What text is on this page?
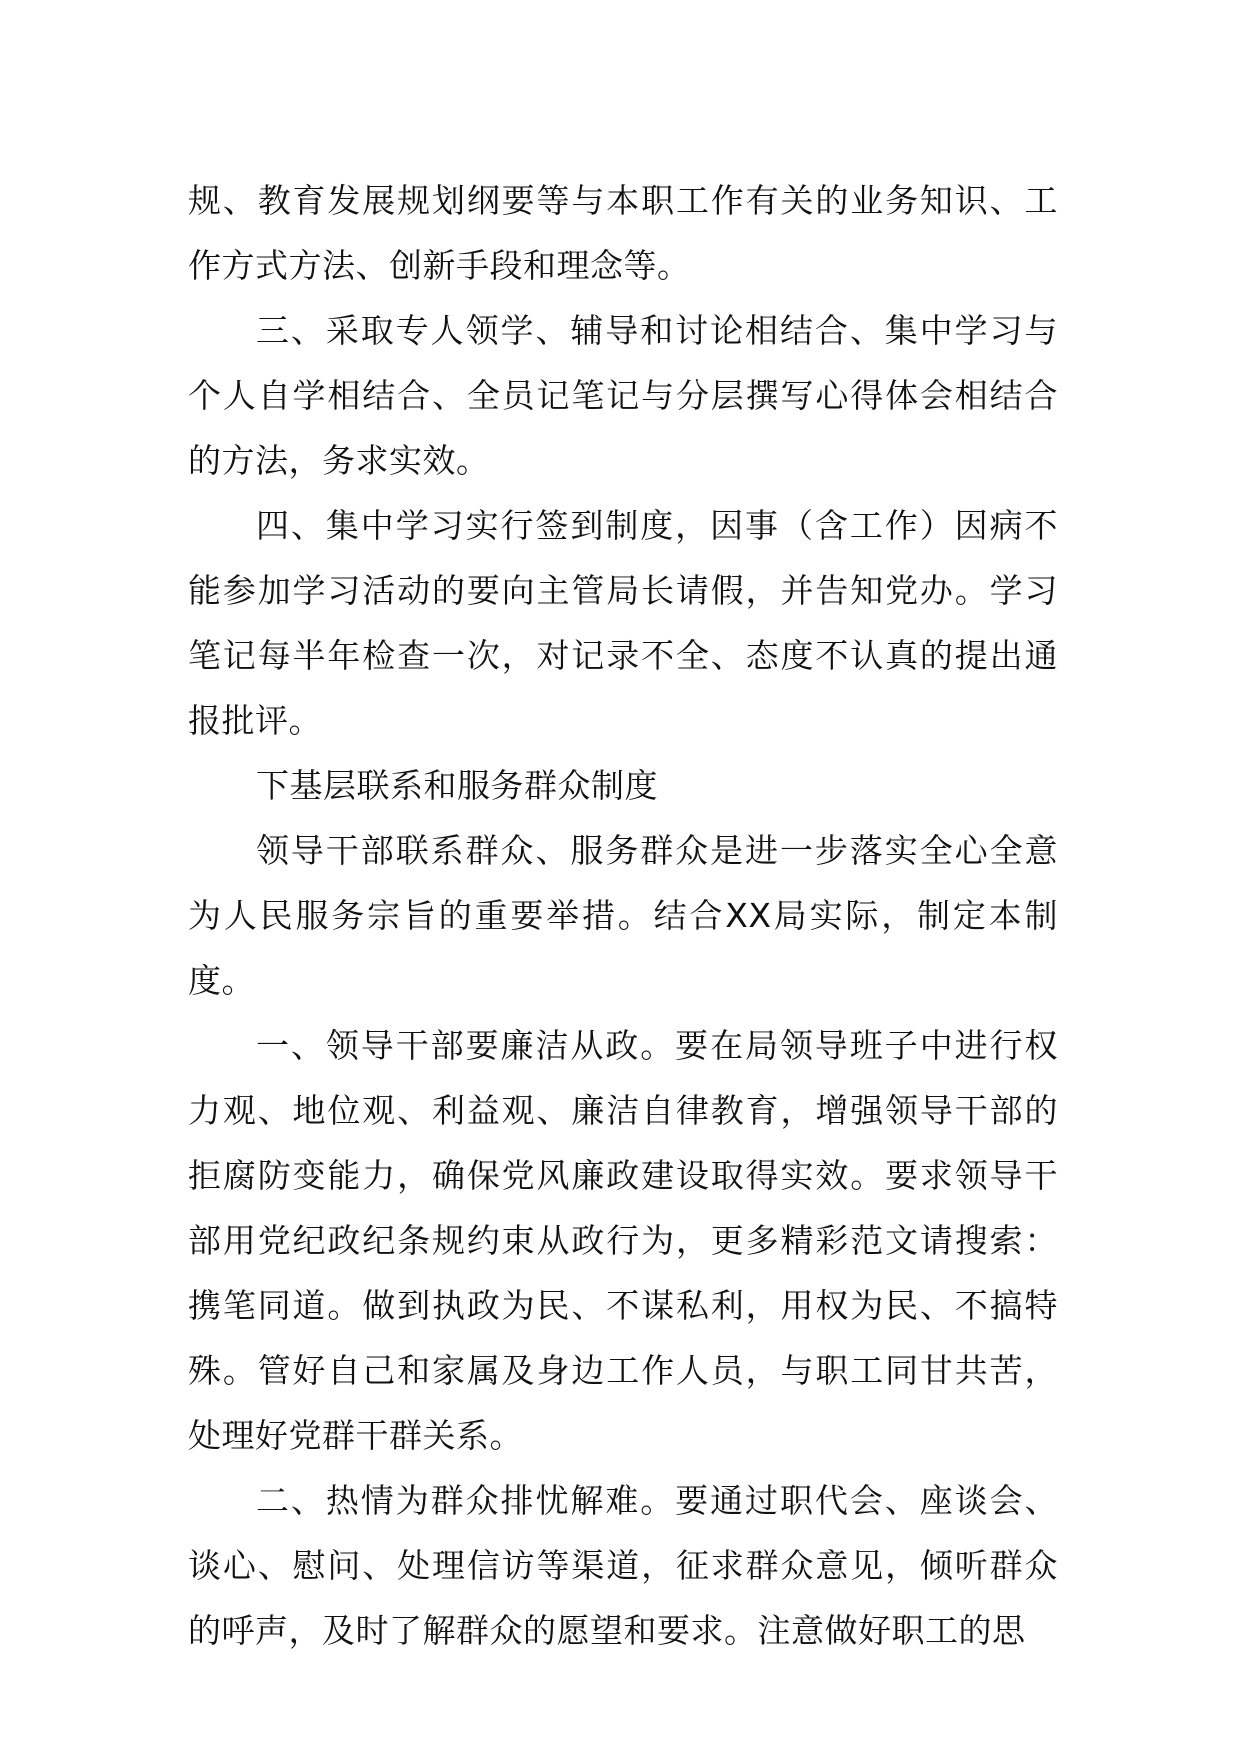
规、教育发展规划纲要等与本职工作有关的业务知识、工作方式方法、创新手段和理念等。

三、采取专人领学、辅导和讨论相结合、集中学习与个人自学相结合、全员记笔记与分层撰写心得体会相结合的方法，务求实效。

四、集中学习实行签到制度，因事（含工作）因病不能参加学习活动的要向主管局长请假，并告知党办。学习笔记每半年检查一次，对记录不全、态度不认真的提出通报批评。

下基层联系和服务群众制度

领导干部联系群众、服务群众是进一步落实全心全意为人民服务宗旨的重要举措。结合XX局实际，制定本制度。

一、领导干部要廉洁从政。要在局领导班子中进行权力观、地位观、利益观、廉洁自律教育，增强领导干部的拒腐防变能力，确保党风廉政建设取得实效。要求领导干部用党纪政纪条规约束从政行为，更多精彩范文请搜索：携笔同道。做到执政为民、不谋私利，用权为民、不搞特殊。管好自己和家属及身边工作人员，与职工同甘共苦，处理好党群干群关系。

二、热情为群众排忧解难。要通过职代会、座谈会、谈心、慰问、处理信访等渠道，征求群众意见，倾听群众的呼声，及时了解群众的愿望和要求。注意做好职工的思
